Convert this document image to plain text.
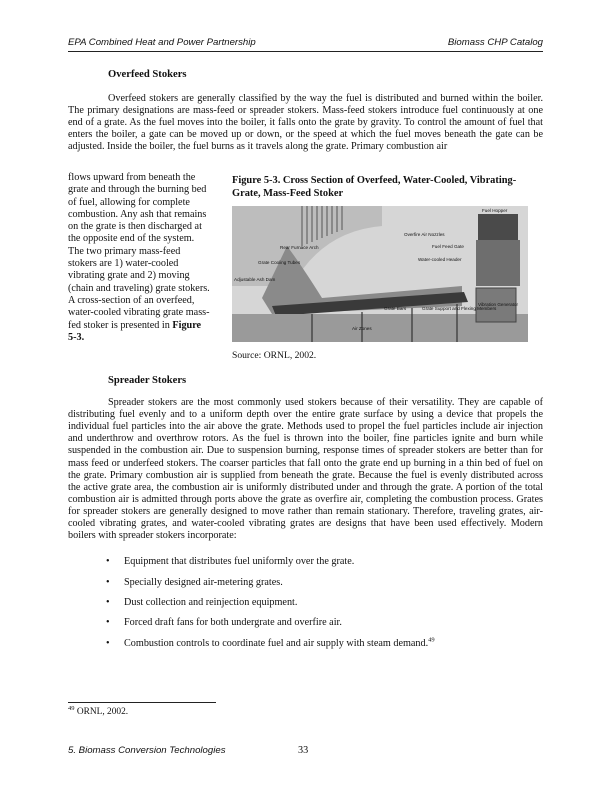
EPA Combined Heat and Power Partnership	Biomass CHP Catalog
Overfeed Stokers

Overfeed stokers are generally classified by the way the fuel is distributed and burned within the boiler. The primary designations are mass-feed or spreader stokers. Mass-feed stokers introduce fuel continuously at one end of a grate. As the fuel moves into the boiler, it falls onto the grate by gravity. To control the amount of fuel that enters the boiler, a gate can be moved up or down, or the speed at which the fuel moves beneath the gate can be adjusted. Inside the boiler, the fuel burns as it travels along the grate. Primary combustion air

flows upward from beneath the grate and through the burning bed of fuel, allowing for complete combustion. Any ash that remains on the grate is then discharged at the opposite end of the system. The two primary mass-feed stokers are 1) water-cooled vibrating grate and 2) moving (chain and traveling) grate stokers. A cross-section of an overfeed, water-cooled vibrating grate mass-fed stoker is presented in Figure 5-3.
Figure 5-3. Cross Section of Overfeed, Water-Cooled, Vibrating-Grate, Mass-Feed Stoker
Fuel Hopper
Overfire Air Nozzles
Fuel Feed Gate
Rear Furnace Arch
Water-cooled Header
Grate Cooling Tubes
Adjustable Ash Dam
Vibration Generator
Grate Support and Flexing Members
Grate Bars
Air Zones
Source: ORNL, 2002.
Spreader Stokers

Spreader stokers are the most commonly used stokers because of their versatility. They are capable of distributing fuel evenly and to a uniform depth over the entire grate surface by using a device that propels the individual fuel particles into the air above the grate. Methods used to propel the fuel particles include air injection and underthrow and overthrow rotors. As the fuel is thrown into the boiler, fine particles ignite and burn while suspended in the combustion air. Due to suspension burning, response times of spreader stokers are better than for mass feed or underfeed stokers. The coarser particles that fall onto the grate end up burning in a thin bed of fuel on the grate. Primary combustion air is supplied from beneath the grate. Because the fuel is evenly distributed across the active grate area, the combustion air is uniformly distributed under and through the grate. A portion of the total combustion air is admitted through ports above the grate as overfire air, completing the combustion process. Grates for spreader stokers are generally designed to move rather than remain stationary. Therefore, traveling grates, air-cooled vibrating grates, and water-cooled vibrating grates are designs that have been used effectively. Modern boilers with spreader stokers incorporate:

• Equipment that distributes fuel uniformly over the grate.
• Specially designed air-metering grates.
• Dust collection and reinjection equipment.
• Forced draft fans for both undergrate and overfire air.
• Combustion controls to coordinate fuel and air supply with steam demand.$^{49}$
$^{49}$ ORNL, 2002.
5. Biomass Conversion Technologies	33
